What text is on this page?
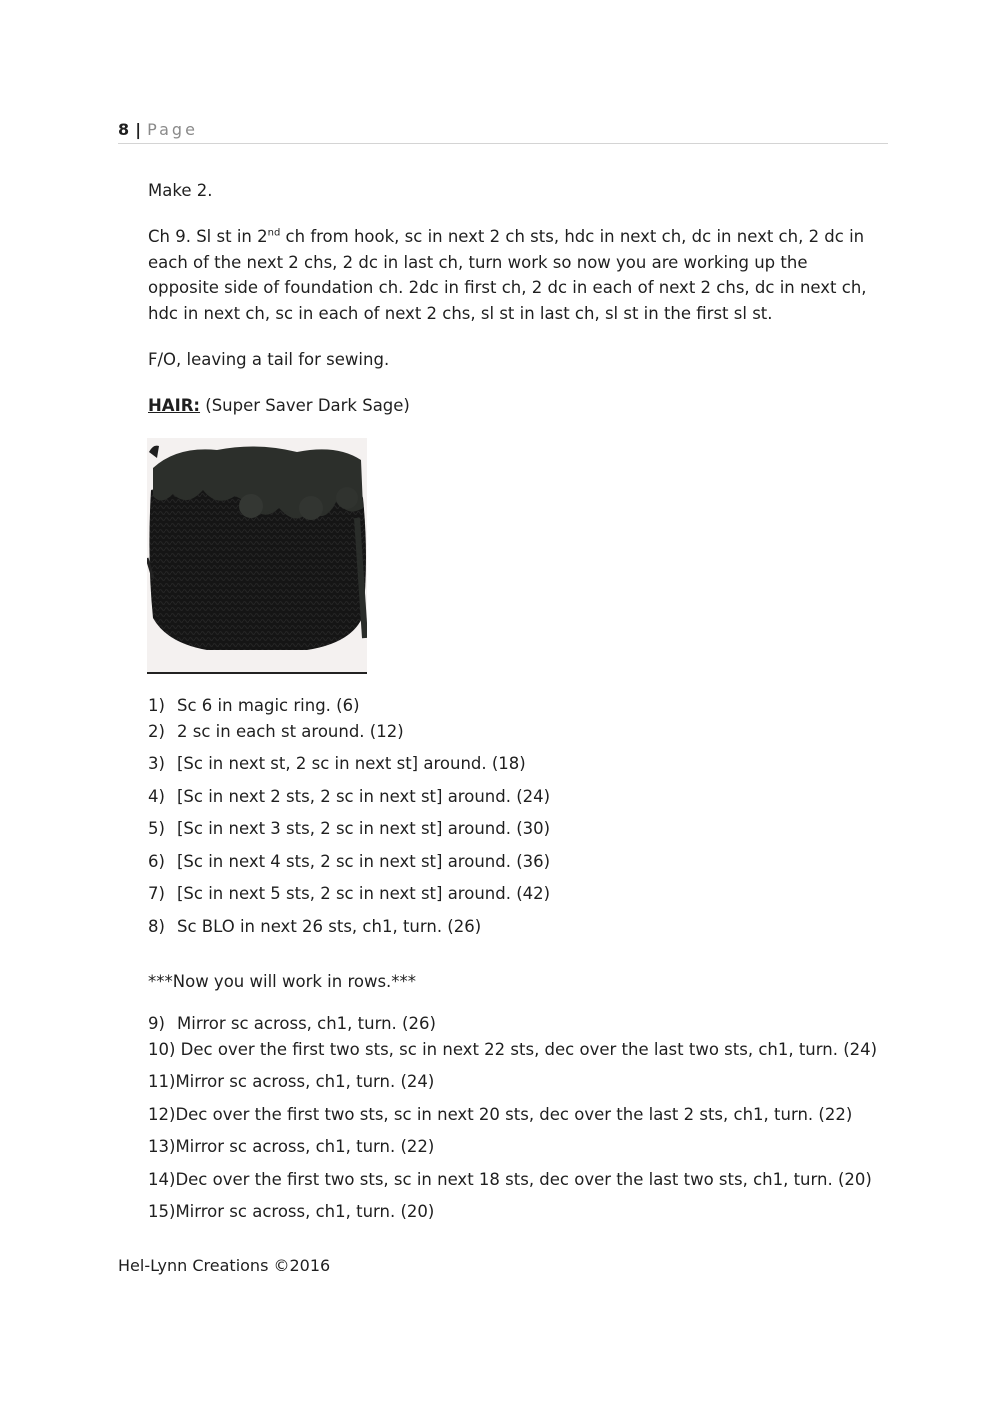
8 | Page
Make 2.
Ch 9. Sl st in 2nd ch from hook, sc in next 2 ch sts, hdc in next ch, dc in next ch, 2 dc in each of the next 2 chs, 2 dc in last ch, turn work so now you are working up the opposite side of foundation ch. 2dc in first ch, 2 dc in each of next 2 chs, dc in next ch, hdc in next ch, sc in each of next 2 chs, sl st in last ch, sl st in the first sl st.
F/O, leaving a tail for sewing.
HAIR: (Super Saver Dark Sage)
1) Sc 6 in magic ring. (6)
2) 2 sc in each st around. (12)
3) [Sc in next st, 2 sc in next st] around. (18)
4) [Sc in next 2 sts, 2 sc in next st] around. (24)
5) [Sc in next 3 sts, 2 sc in next st] around. (30)
6) [Sc in next 4 sts, 2 sc in next st] around. (36)
7) [Sc in next 5 sts, 2 sc in next st] around. (42)
8) Sc BLO in next 26 sts, ch1, turn. (26)
***Now you will work in rows.***
9) Mirror sc across, ch1, turn. (26)
10) Dec over the first two sts, sc in next 22 sts, dec over the last two sts, ch1, turn. (24)
11)Mirror sc across, ch1, turn. (24)
12)Dec over the first two sts, sc in next 20 sts, dec over the last 2 sts, ch1, turn. (22)
13)Mirror sc across, ch1, turn. (22)
14)Dec over the first two sts, sc in next 18 sts, dec over the last two sts, ch1, turn. (20)
15)Mirror sc across, ch1, turn. (20)
Hel-Lynn Creations ©2016
